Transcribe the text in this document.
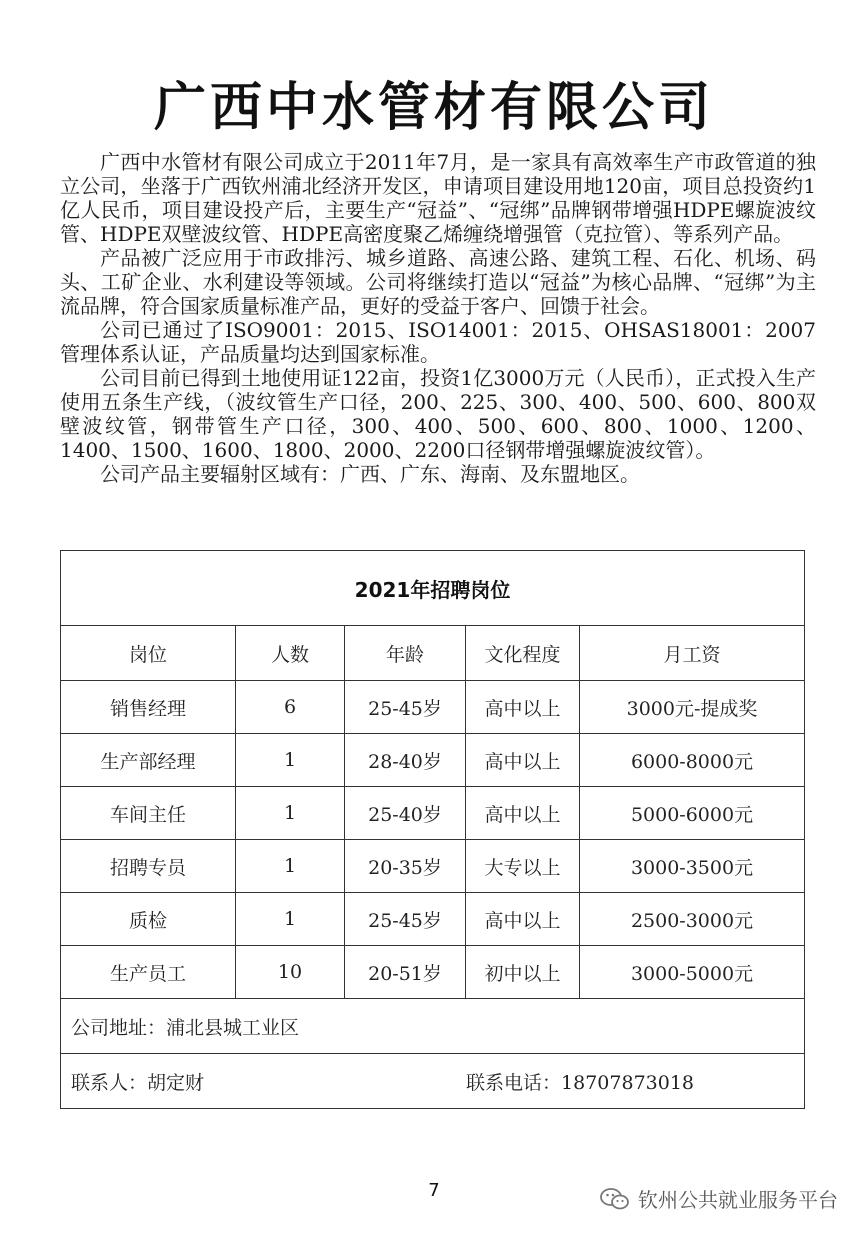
广西中水管材有限公司

广西中水管材有限公司成立于2011年7月，是一家具有高效率生产市政管道的独立公司，坐落于广西钦州浦北经济开发区，申请项目建设用地120亩，项目总投资约1亿人民币，项目建设投产后，主要生产“冠益”、“冠绑”品牌钢带增强HDPE螺旋波纹管、HDPE双壁波纹管、HDPE高密度聚乙烯缠绕增强管（克拉管）、等系列产品。

产品被广泛应用于市政排污、城乡道路、高速公路、建筑工程、石化、机场、码头、工矿企业、水利建设等领域。公司将继续打造以“冠益”为核心品牌、“冠绑”为主流品牌，符合国家质量标准产品，更好的受益于客户、回馈于社会。

公司已通过了ISO9001：2015、ISO14001：2015、OHSAS18001：2007管理体系认证，产品质量均达到国家标准。

公司目前已得到土地使用证122亩，投资1亿3000万元（人民币），正式投入生产使用五条生产线，（波纹管生产口径，200、225、300、400、500、600、800双壁波纹管，钢带管生产口径，300、400、500、600、800、1000、1200、1400、1500、1600、1800、2000、2200口径钢带增强螺旋波纹管）。

公司产品主要辐射区域有：广西、广东、海南、及东盟地区。

2021年招聘岗位				
岗位	人数	年龄	文化程度	月工资
销售经理	6	25-45岁	高中以上	3000元-提成奖
生产部经理	1	28-40岁	高中以上	6000-8000元
车间主任	1	25-40岁	高中以上	5000-6000元
招聘专员	1	20-35岁	大专以上	3000-3500元
质检	1	25-45岁	高中以上	2500-3000元
生产员工	10	20-51岁	初中以上	3000-5000元
公司地址：浦北县城工业区				

联系人：胡定财 联系电话：18707873018				
7	钦州公共就业服务平台
